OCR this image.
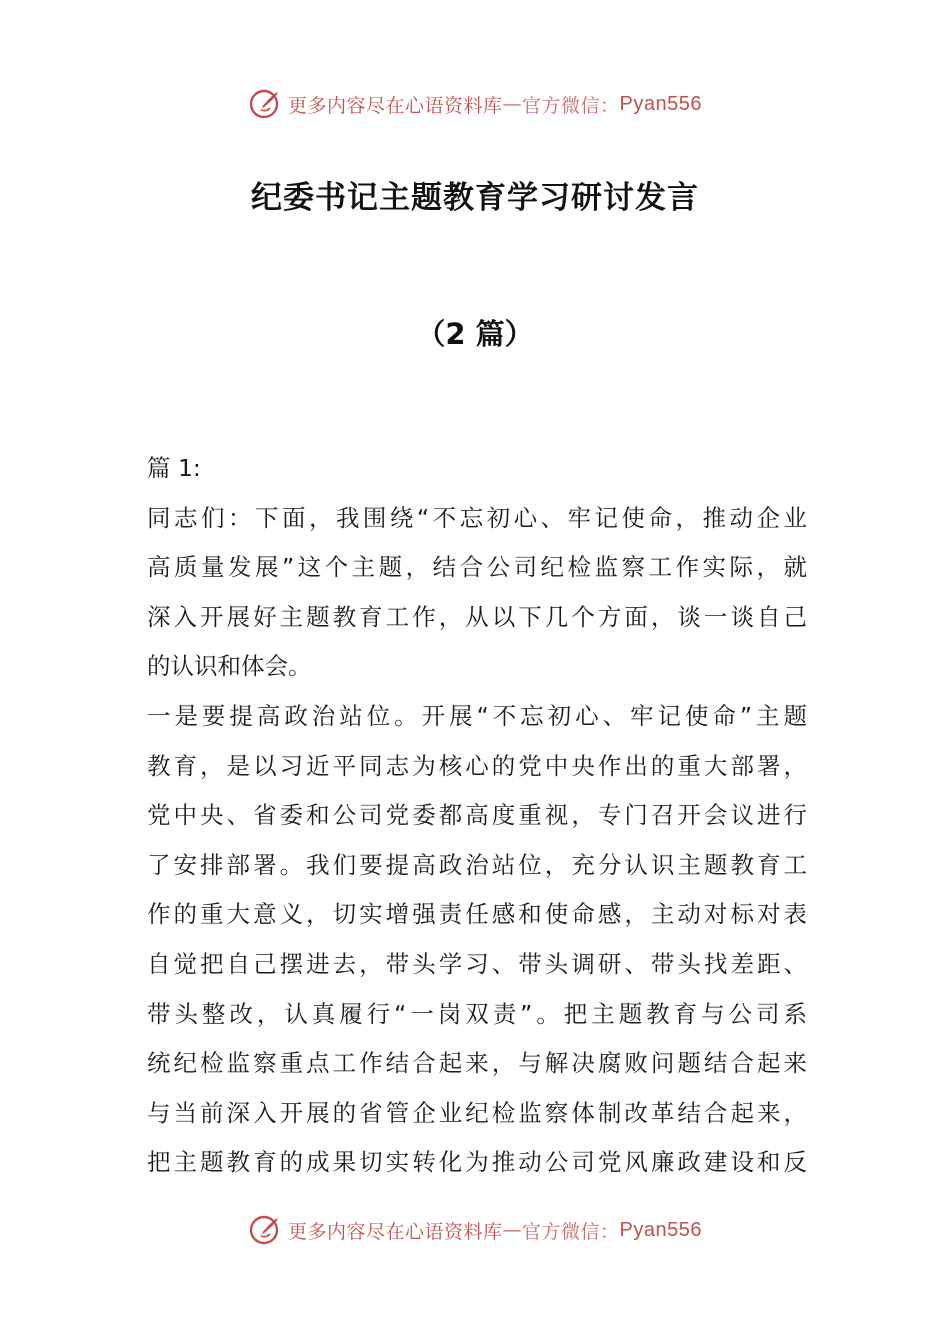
更多内容尽在心语资料库 — 官方微信： Pyan556
纪委书记主题教育学习研讨发言
（2 篇）
篇 1:
同志们：下面，我围绕“不忘初心、牢记使命，推动企业
高质量发展”这个主题，结合公司纪检监察工作实际，就
深入开展好主题教育工作，从以下几个方面，谈一谈自己
的认识和体会。
一是要提高政治站位。开展“不忘初心、牢记使命”主题
教育，是以习近平同志为核心的党中央作出的重大部署，
党中央、省委和公司党委都高度重视，专门召开会议进行
了安排部署。我们要提高政治站位，充分认识主题教育工
作的重大意义，切实增强责任感和使命感，主动对标对表
自觉把自己摆进去，带头学习、带头调研、带头找差距、
带头整改，认真履行“一岗双责”。把主题教育与公司系
统纪检监察重点工作结合起来，与解决腐败问题结合起来
与当前深入开展的省管企业纪检监察体制改革结合起来，
把主题教育的成果切实转化为推动公司党风廉政建设和反
更多内容尽在心语资料库 — 官方微信： Pyan556
